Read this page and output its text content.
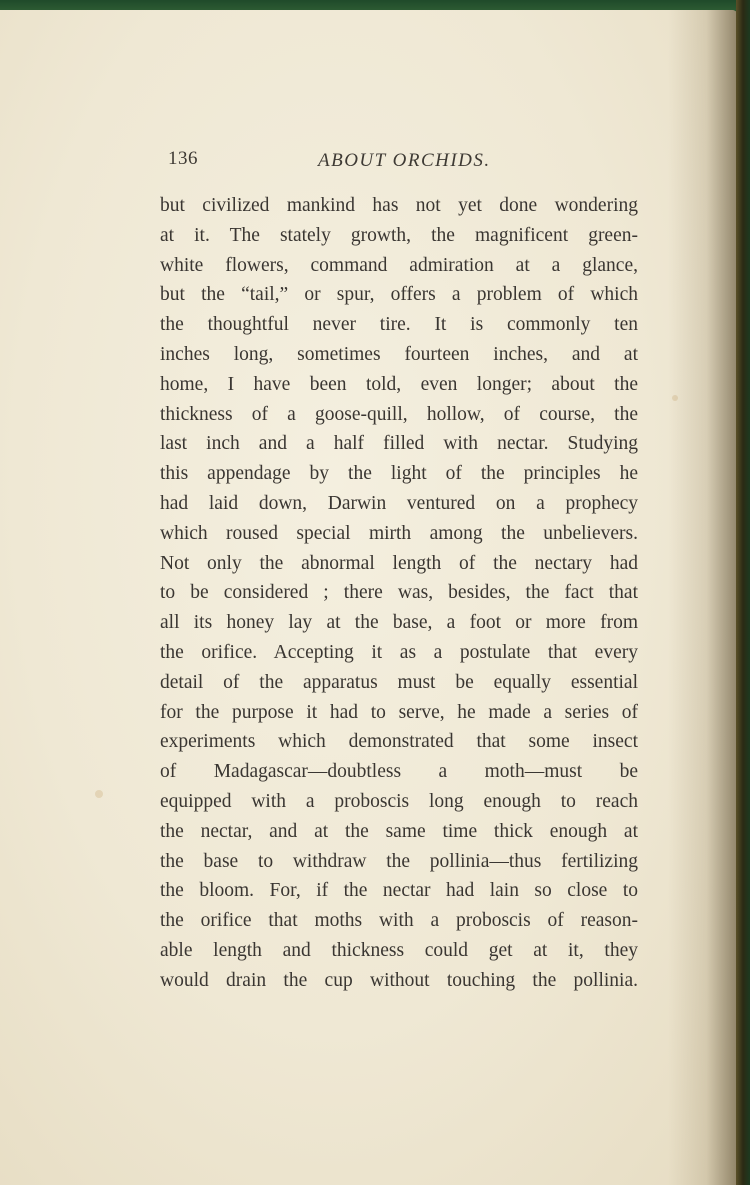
136	ABOUT ORCHIDS.
but civilized mankind has not yet done wondering
at it. The stately growth, the magnificent green-
white flowers, command admiration at a glance,
but the “tail,” or spur, offers a problem of which
the thoughtful never tire. It is commonly ten
inches long, sometimes fourteen inches, and at
home, I have been told, even longer; about the
thickness of a goose-quill, hollow, of course, the
last inch and a half filled with nectar. Studying
this appendage by the light of the principles he
had laid down, Darwin ventured on a prophecy
which roused special mirth among the unbelievers.
Not only the abnormal length of the nectary had
to be considered ; there was, besides, the fact that
all its honey lay at the base, a foot or more from
the orifice. Accepting it as a postulate that every
detail of the apparatus must be equally essential
for the purpose it had to serve, he made a series of
experiments which demonstrated that some insect
of Madagascar—doubtless a moth—must be
equipped with a proboscis long enough to reach
the nectar, and at the same time thick enough at
the base to withdraw the pollinia—thus fertilizing
the bloom. For, if the nectar had lain so close to
the orifice that moths with a proboscis of reason-
able length and thickness could get at it, they
would drain the cup without touching the pollinia.
